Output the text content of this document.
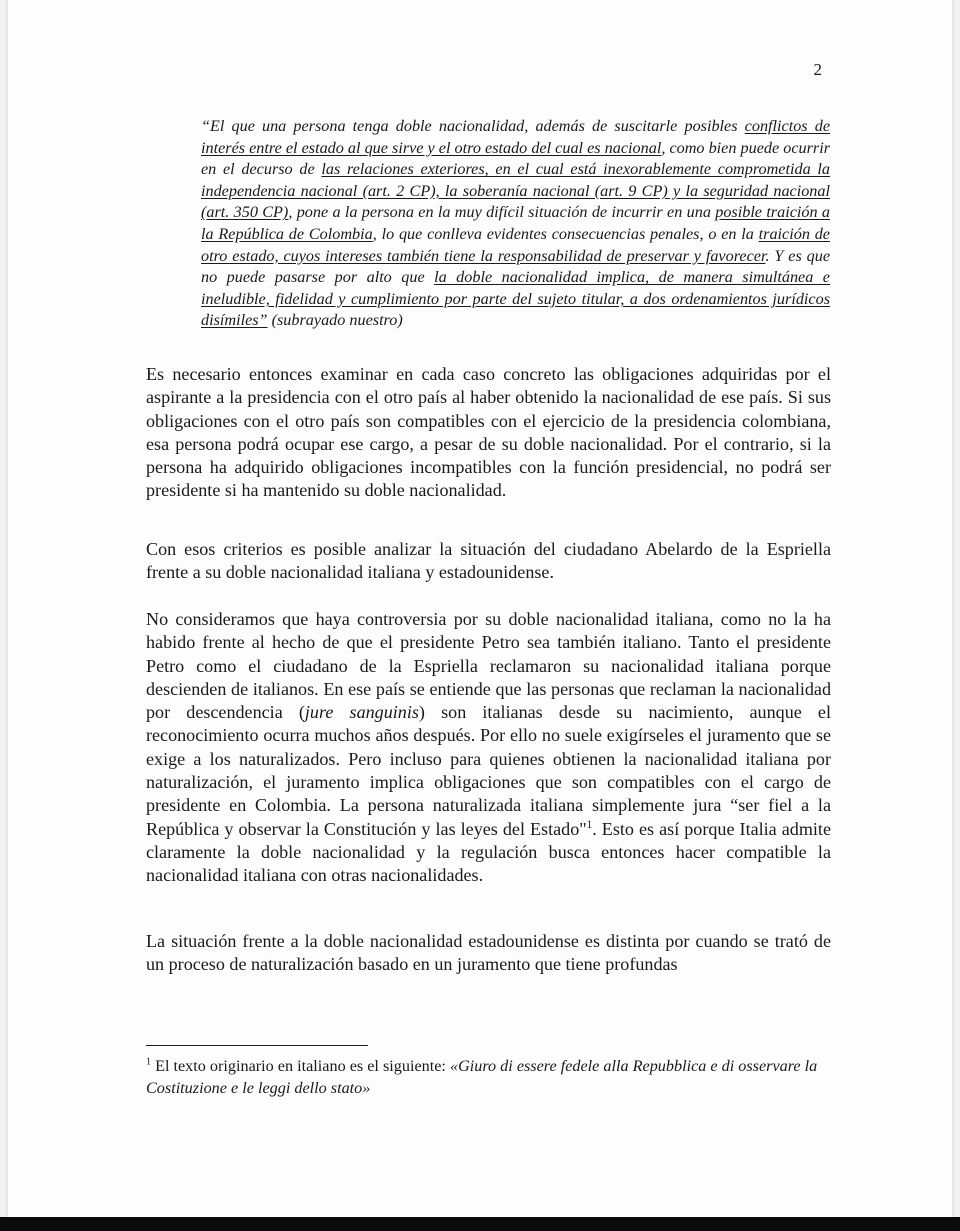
2
“El que una persona tenga doble nacionalidad, además de suscitarle posibles conflictos de interés entre el estado al que sirve y el otro estado del cual es nacional, como bien puede ocurrir en el decurso de las relaciones exteriores, en el cual está inexorablemente comprometida la independencia nacional (art. 2 CP), la soberanía nacional (art. 9 CP) y la seguridad nacional (art. 350 CP), pone a la persona en la muy difícil situación de incurrir en una posible traición a la República de Colombia, lo que conlleva evidentes consecuencias penales, o en la traición de otro estado, cuyos intereses también tiene la responsabilidad de preservar y favorecer. Y es que no puede pasarse por alto que la doble nacionalidad implica, de manera simultánea e ineludible, fidelidad y cumplimiento por parte del sujeto titular, a dos ordenamientos jurídicos disímiles” (subrayado nuestro)

Es necesario entonces examinar en cada caso concreto las obligaciones adquiridas por el aspirante a la presidencia con el otro país al haber obtenido la nacionalidad de ese país. Si sus obligaciones con el otro país son compatibles con el ejercicio de la presidencia colombiana, esa persona podrá ocupar ese cargo, a pesar de su doble nacionalidad. Por el contrario, si la persona ha adquirido obligaciones incompatibles con la función presidencial, no podrá ser presidente si ha mantenido su doble nacionalidad.

Con esos criterios es posible analizar la situación del ciudadano Abelardo de la Espriella frente a su doble nacionalidad italiana y estadounidense.

No consideramos que haya controversia por su doble nacionalidad italiana, como no la ha habido frente al hecho de que el presidente Petro sea también italiano. Tanto el presidente Petro como el ciudadano de la Espriella reclamaron su nacionalidad italiana porque descienden de italianos. En ese país se entiende que las personas que reclaman la nacionalidad por descendencia (jure sanguinis) son italianas desde su nacimiento, aunque el reconocimiento ocurra muchos años después. Por ello no suele exigírseles el juramento que se exige a los naturalizados. Pero incluso para quienes obtienen la nacionalidad italiana por naturalización, el juramento implica obligaciones que son compatibles con el cargo de presidente en Colombia. La persona naturalizada italiana simplemente jura “ser fiel a la República y observar la Constitución y las leyes del Estado"$^1$. Esto es así porque Italia admite claramente la doble nacionalidad y la regulación busca entonces hacer compatible la nacionalidad italiana con otras nacionalidades.

La situación frente a la doble nacionalidad estadounidense es distinta por cuando se trató de un proceso de naturalización basado en un juramento que tiene profundas

$^1$ El texto originario en italiano es el siguiente: «Giuro di essere fedele alla Repubblica e di osservare la Costituzione e le leggi dello stato»
